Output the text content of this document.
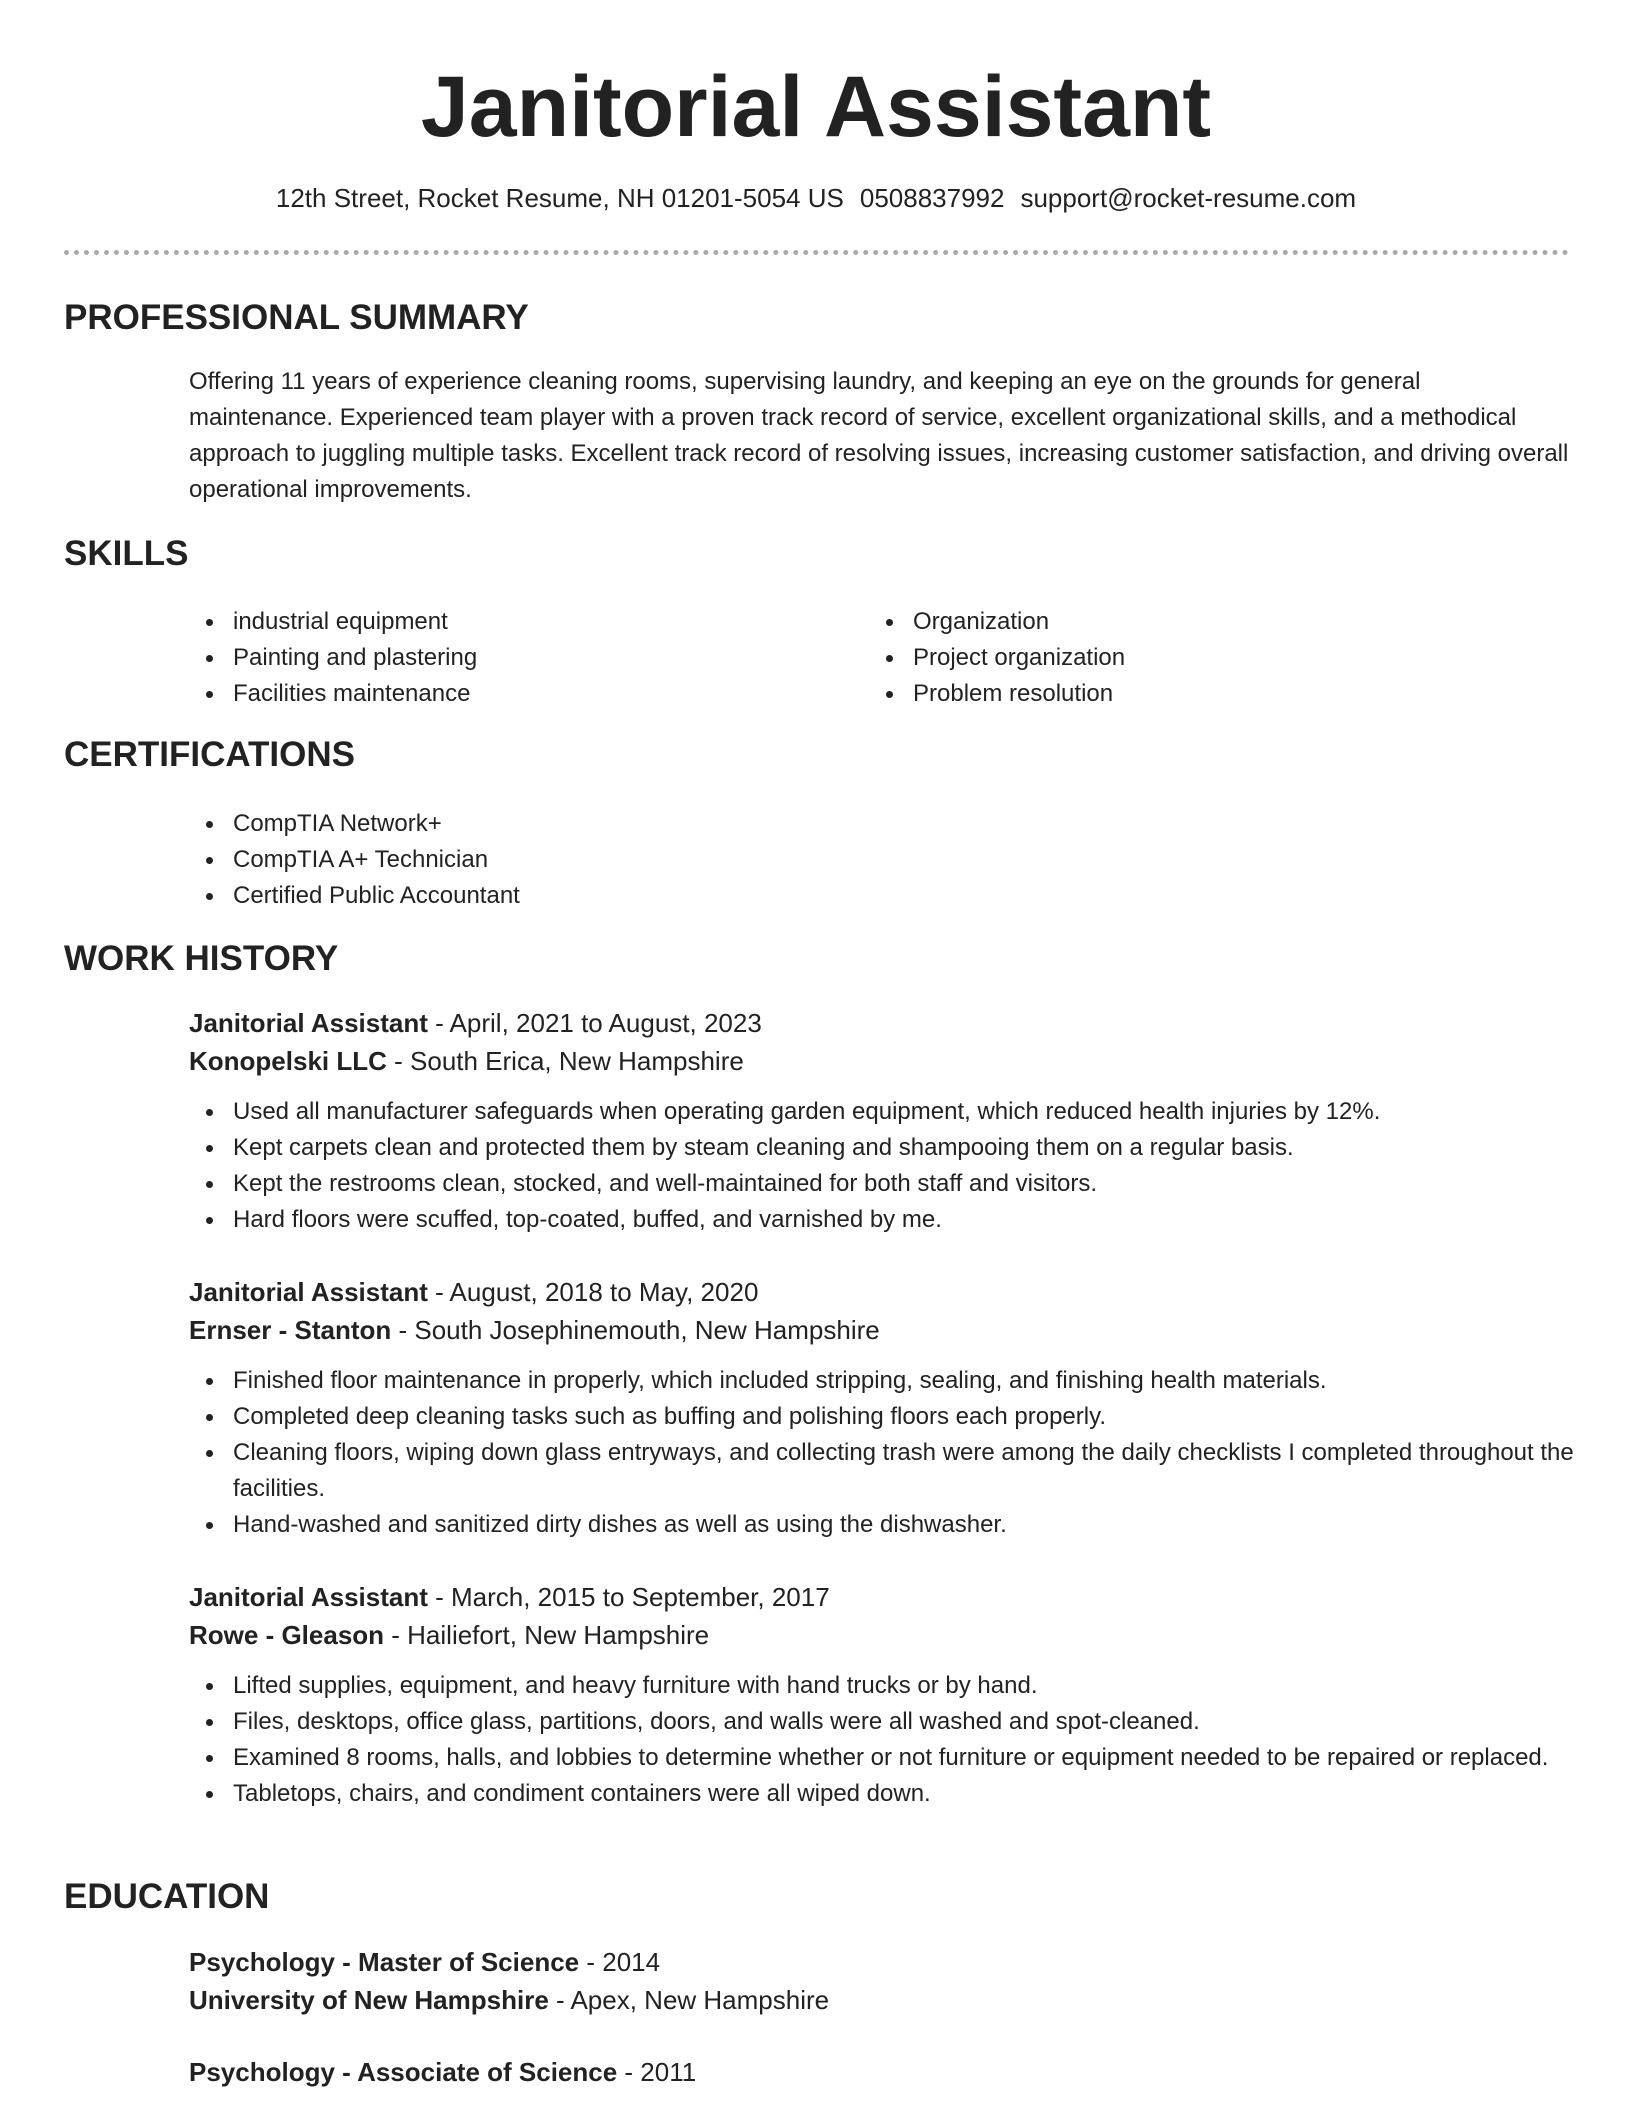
Janitorial Assistant
12th Street, Rocket Resume, NH 01201-5054 US 0508837992 support@rocket-resume.com
PROFESSIONAL SUMMARY
Offering 11 years of experience cleaning rooms, supervising laundry, and keeping an eye on the grounds for general maintenance. Experienced team player with a proven track record of service, excellent organizational skills, and a methodical approach to juggling multiple tasks. Excellent track record of resolving issues, increasing customer satisfaction, and driving overall operational improvements.
SKILLS
industrial equipment
Painting and plastering
Facilities maintenance
Organization
Project organization
Problem resolution
CERTIFICATIONS
CompTIA Network+
CompTIA A+ Technician
Certified Public Accountant
WORK HISTORY
Janitorial Assistant - April, 2021 to August, 2023
Konopelski LLC - South Erica, New Hampshire
Used all manufacturer safeguards when operating garden equipment, which reduced health injuries by 12%.
Kept carpets clean and protected them by steam cleaning and shampooing them on a regular basis.
Kept the restrooms clean, stocked, and well-maintained for both staff and visitors.
Hard floors were scuffed, top-coated, buffed, and varnished by me.
Janitorial Assistant - August, 2018 to May, 2020
Ernser - Stanton - South Josephinemouth, New Hampshire
Finished floor maintenance in properly, which included stripping, sealing, and finishing health materials.
Completed deep cleaning tasks such as buffing and polishing floors each properly.
Cleaning floors, wiping down glass entryways, and collecting trash were among the daily checklists I completed throughout the facilities.
Hand-washed and sanitized dirty dishes as well as using the dishwasher.
Janitorial Assistant - March, 2015 to September, 2017
Rowe - Gleason - Hailiefort, New Hampshire
Lifted supplies, equipment, and heavy furniture with hand trucks or by hand.
Files, desktops, office glass, partitions, doors, and walls were all washed and spot-cleaned.
Examined 8 rooms, halls, and lobbies to determine whether or not furniture or equipment needed to be repaired or replaced.
Tabletops, chairs, and condiment containers were all wiped down.
EDUCATION
Psychology - Master of Science - 2014
University of New Hampshire - Apex, New Hampshire
Psychology - Associate of Science - 2011
